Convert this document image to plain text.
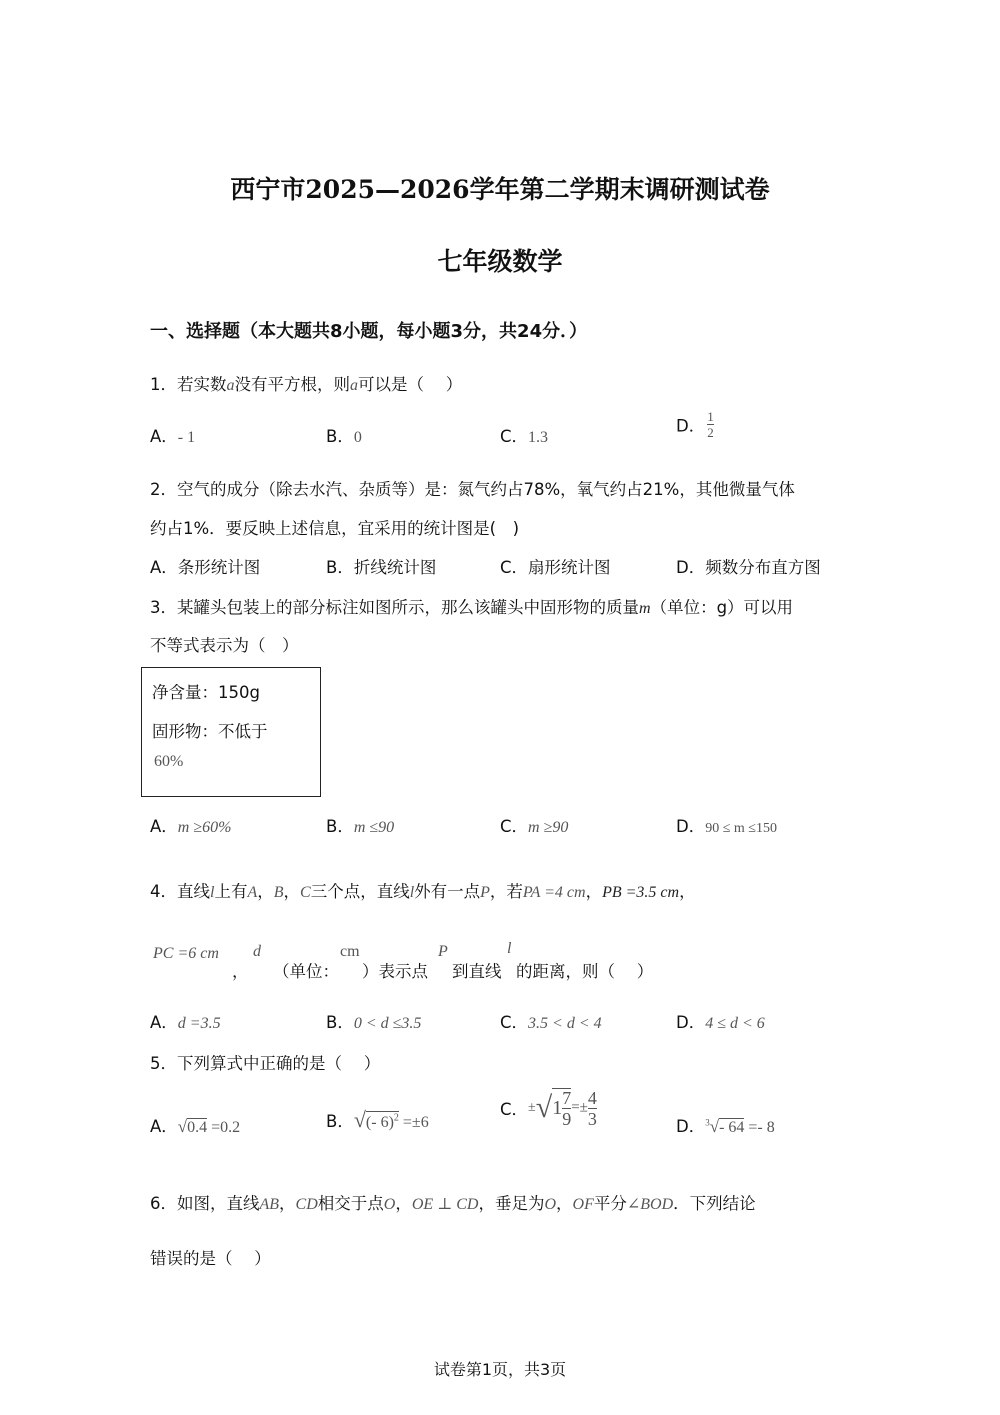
西宁市2025—2026学年第二学期末调研测试卷
七年级数学
一、选择题（本大题共8小题，每小题3分，共24分．）
1．若实数a没有平方根，则a可以是（　 ）
A．- 1	B．0	C．1.3
D． $\frac{1}{2}$
2．空气的成分（除去水汽、杂质等）是：氮气约占78%，氧气约占21%，其他微量气体
约占1%．要反映上述信息，宜采用的统计图是(　)
A．条形统计图	B．折线统计图	C．扇形统计图	D．频数分布直方图
3．某罐头包装上的部分标注如图所示，那么该罐头中固形物的质量m（单位：g）可以用
不等式表示为（　）
净含量：150g
固形物：不低于
60%
A．m ≥60%	B．m ≤90	C．m ≥90	D．90 ≤ m ≤150
4．直线l上有A，B，C三个点，直线l外有一点P，若PA =4 cm，PB =3.5 cm，
PC =6 cm
，
d
（单位：
cm
）表示点
P
到直线
l
的距离，则（　 ）
A．d =3.5	B．0 < d ≤3.5	C．3.5 < d < 4	D．4 ≤ d < 6
5．下列算式中正确的是（　 ）
A．√0.4 =0.2	B．√(- 6)$^2$ =±6
C．$\pm√1 \frac{7}{9} =\pm \frac{4}{3}$	D．$^3$√- 64 =- 8
6．如图，直线AB，CD相交于点O，OE ⊥ CD，垂足为O，OF平分∠BOD．下列结论
错误的是（　 ）
试卷第1页，共3页
